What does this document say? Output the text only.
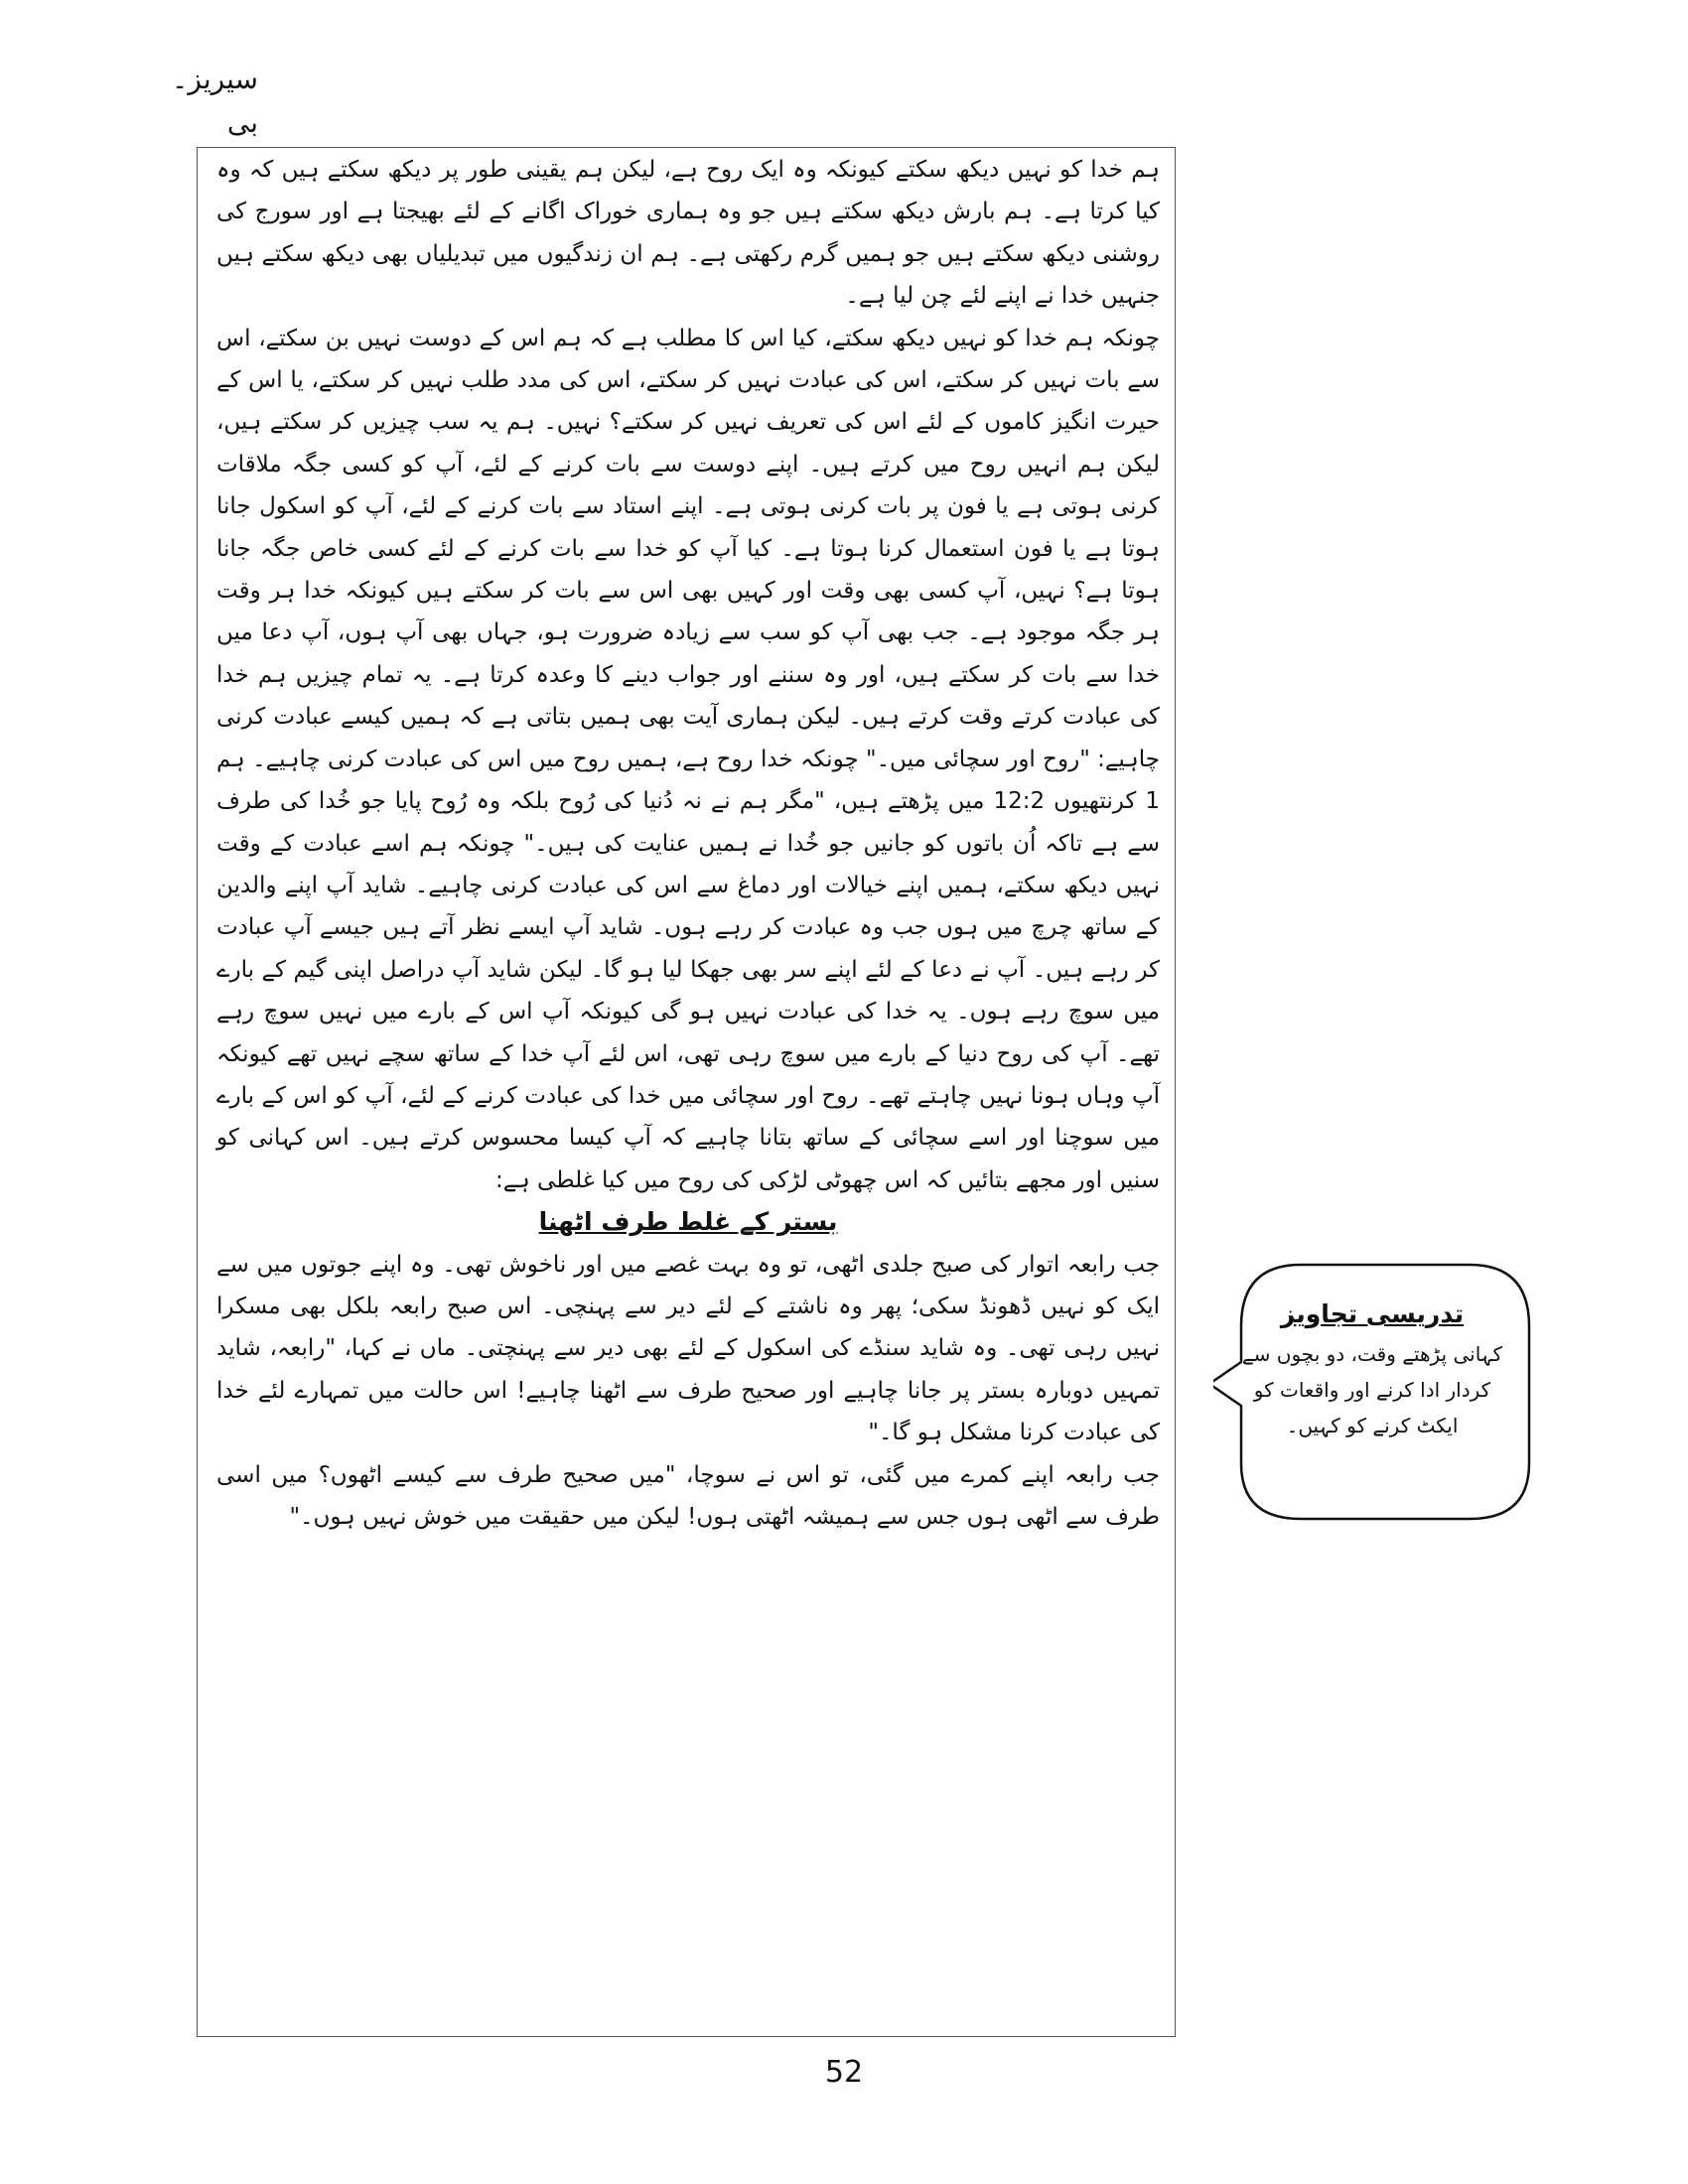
سیریز۔بی

ہم خدا کو نہیں دیکھ سکتے کیونکہ وہ ایک روح ہے، لیکن ہم یقینی طور پر دیکھ سکتے ہیں کہ وہ کیا کرتا ہے۔ ہم بارش دیکھ سکتے ہیں جو وہ ہماری خوراک اگانے کے لئے بھیجتا ہے اور سورج کی روشنی دیکھ سکتے ہیں جو ہمیں گرم رکھتی ہے۔ ہم ان زندگیوں میں تبدیلیاں بھی دیکھ سکتے ہیں جنہیں خدا نے اپنے لئے چن لیا ہے۔

چونکہ ہم خدا کو نہیں دیکھ سکتے، کیا اس کا مطلب ہے کہ ہم اس کے دوست نہیں بن سکتے، اس سے بات نہیں کر سکتے، اس کی عبادت نہیں کر سکتے، اس کی مدد طلب نہیں کر سکتے، یا اس کے حیرت انگیز کاموں کے لئے اس کی تعریف نہیں کر سکتے؟ نہیں۔ ہم یہ سب چیزیں کر سکتے ہیں، لیکن ہم انہیں روح میں کرتے ہیں۔ اپنے دوست سے بات کرنے کے لئے، آپ کو کسی جگہ ملاقات کرنی ہوتی ہے یا فون پر بات کرنی ہوتی ہے۔ اپنے استاد سے بات کرنے کے لئے، آپ کو اسکول جانا ہوتا ہے یا فون استعمال کرنا ہوتا ہے۔ کیا آپ کو خدا سے بات کرنے کے لئے کسی خاص جگہ جانا ہوتا ہے؟ نہیں، آپ کسی بھی وقت اور کہیں بھی اس سے بات کر سکتے ہیں کیونکہ خدا ہر وقت ہر جگہ موجود ہے۔ جب بھی آپ کو سب سے زیادہ ضرورت ہو، جہاں بھی آپ ہوں، آپ دعا میں خدا سے بات کر سکتے ہیں، اور وہ سننے اور جواب دینے کا وعدہ کرتا ہے۔ یہ تمام چیزیں ہم خدا کی عبادت کرتے وقت کرتے ہیں۔ لیکن ہماری آیت بھی ہمیں بتاتی ہے کہ ہمیں کیسے عبادت کرنی چاہیے: "روح اور سچائی میں۔" چونکہ خدا روح ہے، ہمیں روح میں اس کی عبادت کرنی چاہیے۔ ہم 1 کرنتھیوں 12:2 میں پڑھتے ہیں، "مگر ہم نے نہ دُنیا کی رُوح بلکہ وہ رُوح پایا جو خُدا کی طرف سے ہے تاکہ اُن باتوں کو جانیں جو خُدا نے ہمیں عنایت کی ہیں۔" چونکہ ہم اسے عبادت کے وقت نہیں دیکھ سکتے، ہمیں اپنے خیالات اور دماغ سے اس کی عبادت کرنی چاہیے۔ شاید آپ اپنے والدین کے ساتھ چرچ میں ہوں جب وہ عبادت کر رہے ہوں۔ شاید آپ ایسے نظر آتے ہیں جیسے آپ عبادت کر رہے ہیں۔ آپ نے دعا کے لئے اپنے سر بھی جھکا لیا ہو گا۔ لیکن شاید آپ دراصل اپنی گیم کے بارے میں سوچ رہے ہوں۔ یہ خدا کی عبادت نہیں ہو گی کیونکہ آپ اس کے بارے میں نہیں سوچ رہے تھے۔ آپ کی روح دنیا کے بارے میں سوچ رہی تھی، اس لئے آپ خدا کے ساتھ سچے نہیں تھے کیونکہ آپ وہاں ہونا نہیں چاہتے تھے۔ روح اور سچائی میں خدا کی عبادت کرنے کے لئے، آپ کو اس کے بارے میں سوچنا اور اسے سچائی کے ساتھ بتانا چاہیے کہ آپ کیسا محسوس کرتے ہیں۔ اس کہانی کو سنیں اور مجھے بتائیں کہ اس چھوٹی لڑکی کی روح میں کیا غلطی ہے:

بستر کے غلط طرف اٹھنا

جب رابعہ اتوار کی صبح جلدی اٹھی، تو وہ بہت غصے میں اور ناخوش تھی۔ وہ اپنے جوتوں میں سے ایک کو نہیں ڈھونڈ سکی؛ پھر وہ ناشتے کے لئے دیر سے پہنچی۔ اس صبح رابعہ بلکل بھی مسکرا نہیں رہی تھی۔ وہ شاید سنڈے کی اسکول کے لئے بھی دیر سے پہنچتی۔ ماں نے کہا، "رابعہ، شاید تمہیں دوبارہ بستر پر جانا چاہیے اور صحیح طرف سے اٹھنا چاہیے! اس حالت میں تمہارے لئے خدا کی عبادت کرنا مشکل ہو گا۔"

جب رابعہ اپنے کمرے میں گئی، تو اس نے سوچا، "میں صحیح طرف سے کیسے اٹھوں؟ میں اسی طرف سے اٹھی ہوں جس سے ہمیشہ اٹھتی ہوں! لیکن میں حقیقت میں خوش نہیں ہوں۔"

تدریسی تجاویز
کہانی پڑھتے وقت، دو بچوں سے کردار ادا کرنے اور واقعات کو ایکٹ کرنے کو کہیں۔
52
